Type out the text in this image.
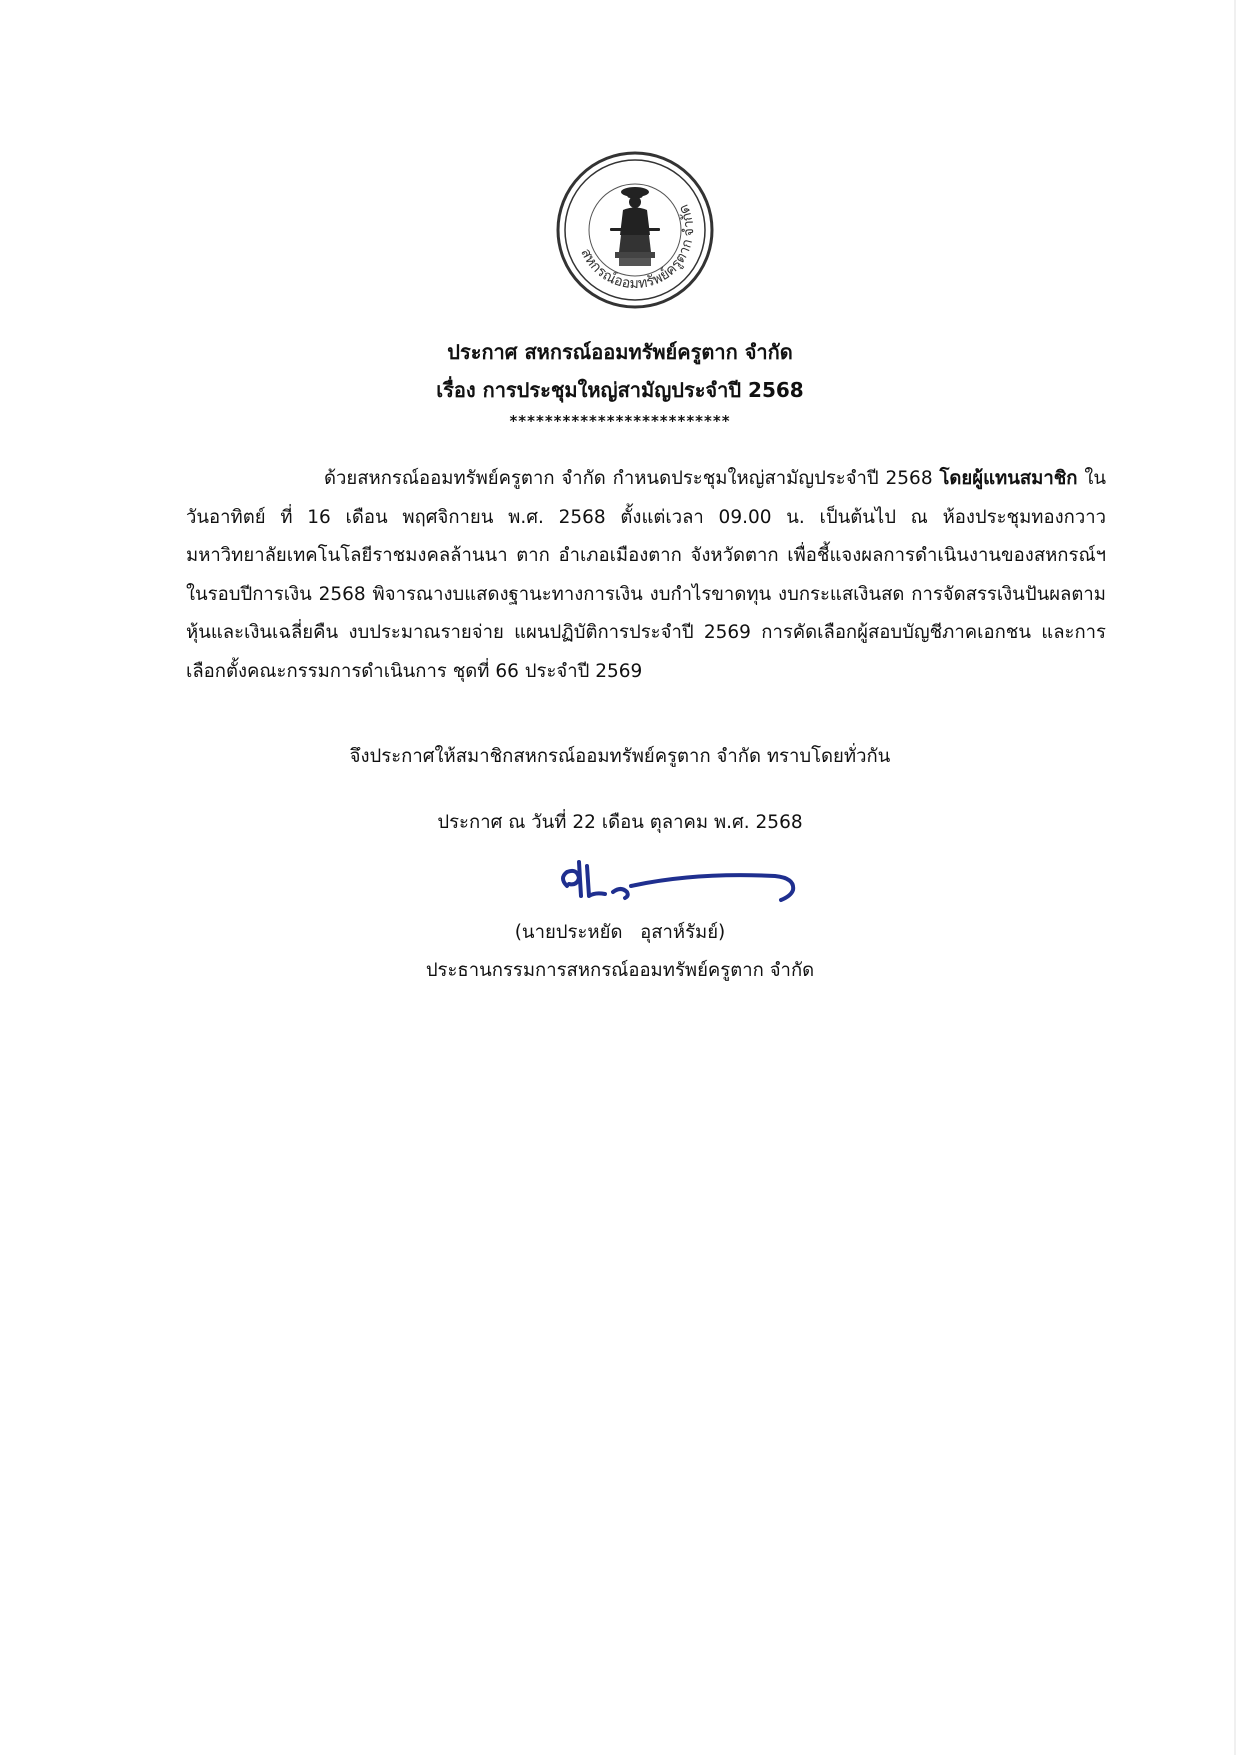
สหกรณ์ออมทรัพย์ครูตาก จำกัด
ประกาศ สหกรณ์ออมทรัพย์ครูตาก จำกัด
เรื่อง การประชุมใหญ่สามัญประจำปี 2568
*************************

ด้วยสหกรณ์ออมทรัพย์ครูตาก จำกัด กำหนดประชุมใหญ่สามัญประจำปี 2568 โดยผู้แทนสมาชิก ในวันอาทิตย์ ที่ 16 เดือน พฤศจิกายน พ.ศ. 2568 ตั้งแต่เวลา 09.00 น. เป็นต้นไป ณ ห้องประชุมทองกวาว มหาวิทยาลัยเทคโนโลยีราชมงคลล้านนา ตาก อำเภอเมืองตาก จังหวัดตาก เพื่อชี้แจงผลการดำเนินงานของสหกรณ์ฯ ในรอบปีการเงิน 2568 พิจารณางบแสดงฐานะทางการเงิน งบกำไรขาดทุน งบกระแสเงินสด การจัดสรรเงินปันผลตามหุ้นและเงินเฉลี่ยคืน งบประมาณรายจ่าย แผนปฏิบัติการประจำปี 2569 การคัดเลือกผู้สอบบัญชีภาคเอกชน และการเลือกตั้งคณะกรรมการดำเนินการ ชุดที่ 66 ประจำปี 2569

จึงประกาศให้สมาชิกสหกรณ์ออมทรัพย์ครูตาก จำกัด ทราบโดยทั่วกัน
ประกาศ ณ วันที่ 22 เดือน ตุลาคม พ.ศ. 2568
(นายประหยัด   อุสาห์รัมย์)
ประธานกรรมการสหกรณ์ออมทรัพย์ครูตาก จำกัด
